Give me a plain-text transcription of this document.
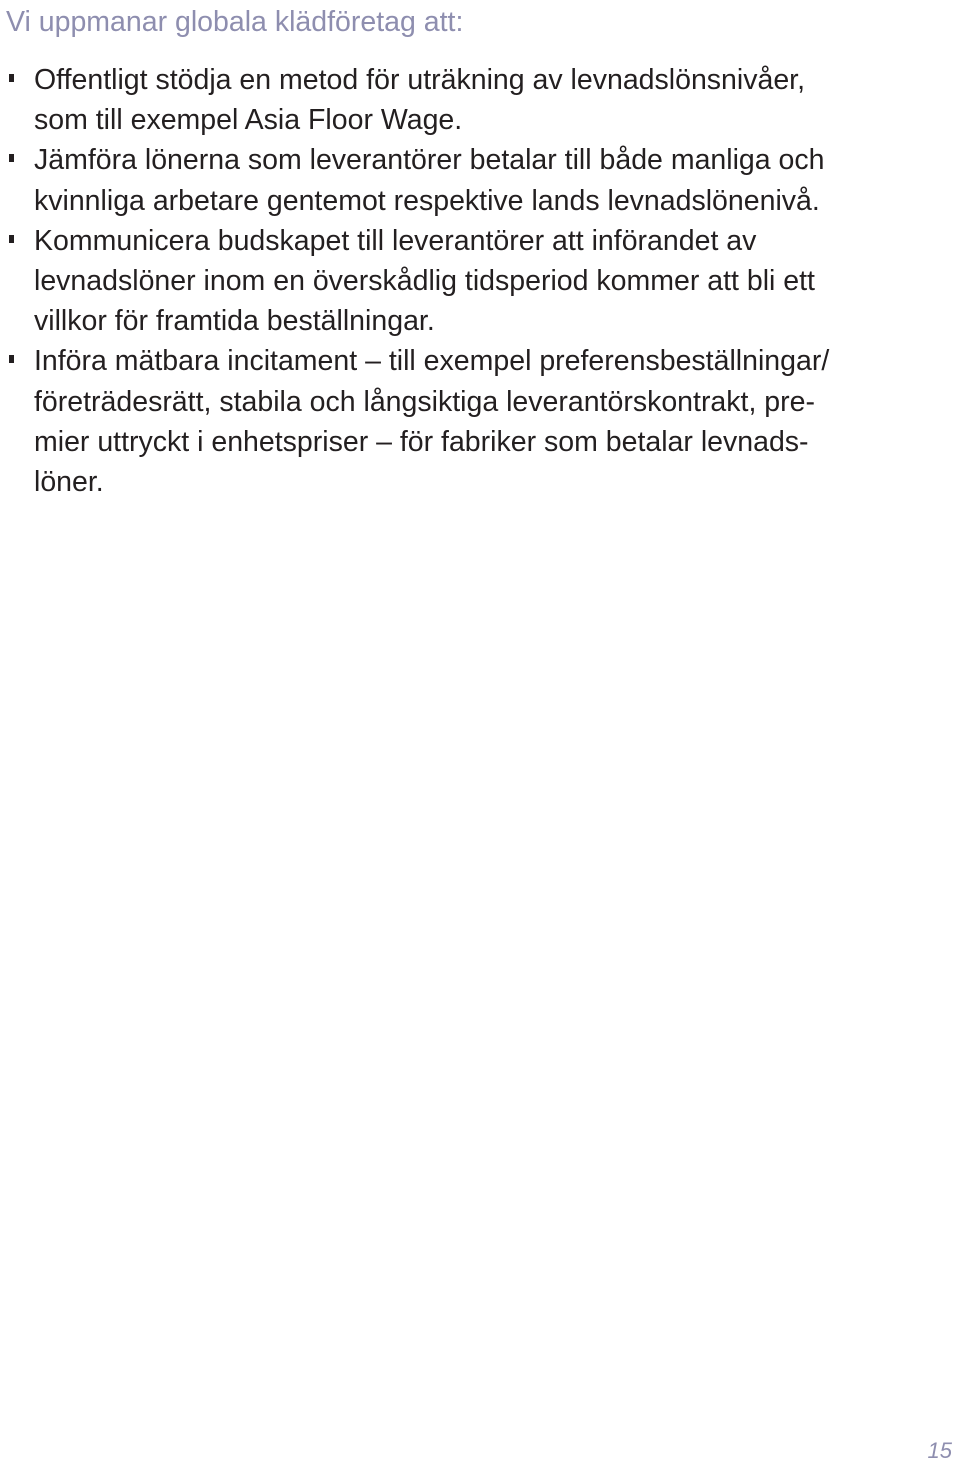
Vi uppmanar globala klädföretag att:
Offentligt stödja en metod för uträkning av levnadslönsnivåer,
som till exempel Asia Floor Wage.
Jämföra lönerna som leverantörer betalar till både manliga och
kvinnliga arbetare gentemot respektive lands levnadslönenivå.
Kommunicera budskapet till leverantörer att införandet av
levnadslöner inom en överskådlig tidsperiod kommer att bli ett
villkor för framtida beställningar.
Införa mätbara incitament – till exempel preferensbeställningar/
företrädesrätt, stabila och långsiktiga leverantörskontrakt, pre-
mier uttryckt i enhetspriser – för fabriker som betalar levnads-
löner.
15
